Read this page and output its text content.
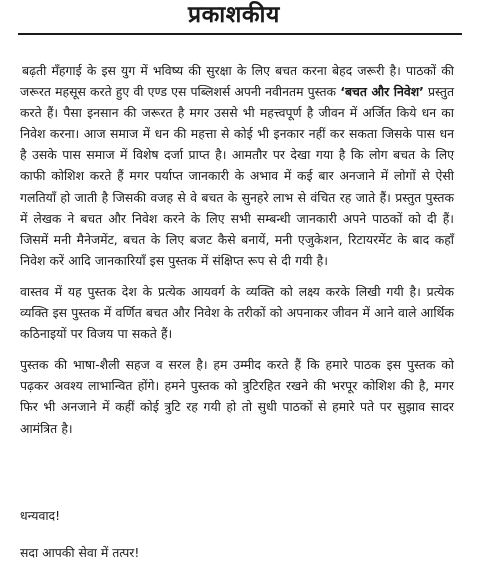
प्रकाशकीय

बढ़ती मँहगाई के इस युग में भविष्य की सुरक्षा के लिए बचत करना बेहद जरूरी है। पाठकों की जरूरत महसूस करते हुए वी एण्ड एस पब्लिशर्स अपनी नवीनतम पुस्तक ‘बचत और निवेश’ प्रस्तुत करते हैं। पैसा इनसान की जरूरत है मगर उससे भी महत्त्वपूर्ण है जीवन में अर्जित किये धन का निवेश करना। आज समाज में धन की महत्ता से कोई भी इनकार नहीं कर सकता जिसके पास धन है उसके पास समाज में विशेष दर्जा प्राप्त है। आमतौर पर देखा गया है कि लोग बचत के लिए काफी कोशिश करते हैं मगर पर्याप्त जानकारी के अभाव में कई बार अनजाने में लोगों से ऐसी गलतियाँ हो जाती है जिसकी वजह से वे बचत के सुनहरे लाभ से वंचित रह जाते हैं। प्रस्तुत पुस्तक में लेखक ने बचत और निवेश करने के लिए सभी सम्बन्धी जानकारी अपने पाठकों को दी हैं। जिसमें मनी मैनेजमेंट, बचत के लिए बजट कैसे बनायें, मनी एजुकेशन, रिटायरमेंट के बाद कहाँ निवेश करें आदि जानकारियाँ इस पुस्तक में संक्षिप्त रूप से दी गयी है।

वास्तव में यह पुस्तक देश के प्रत्येक आयवर्ग के व्यक्ति को लक्ष्य करके लिखी गयी है। प्रत्येक व्यक्ति इस पुस्तक में वर्णित बचत और निवेश के तरीकों को अपनाकर जीवन में आने वाले आर्थिक कठिनाइयों पर विजय पा सकते हैं।

पुस्तक की भाषा-शैली सहज व सरल है। हम उम्मीद करते हैं कि हमारे पाठक इस पुस्तक को पढ़कर अवश्य लाभान्वित होंगे। हमने पुस्तक को त्रुटिरहित रखने की भरपूर कोशिश की है, मगर फिर भी अनजाने में कहीं कोई त्रुटि रह गयी हो तो सुधी पाठकों से हमारे पते पर सुझाव सादर आमंत्रित है।

धन्यवाद!
सदा आपकी सेवा में तत्पर!
